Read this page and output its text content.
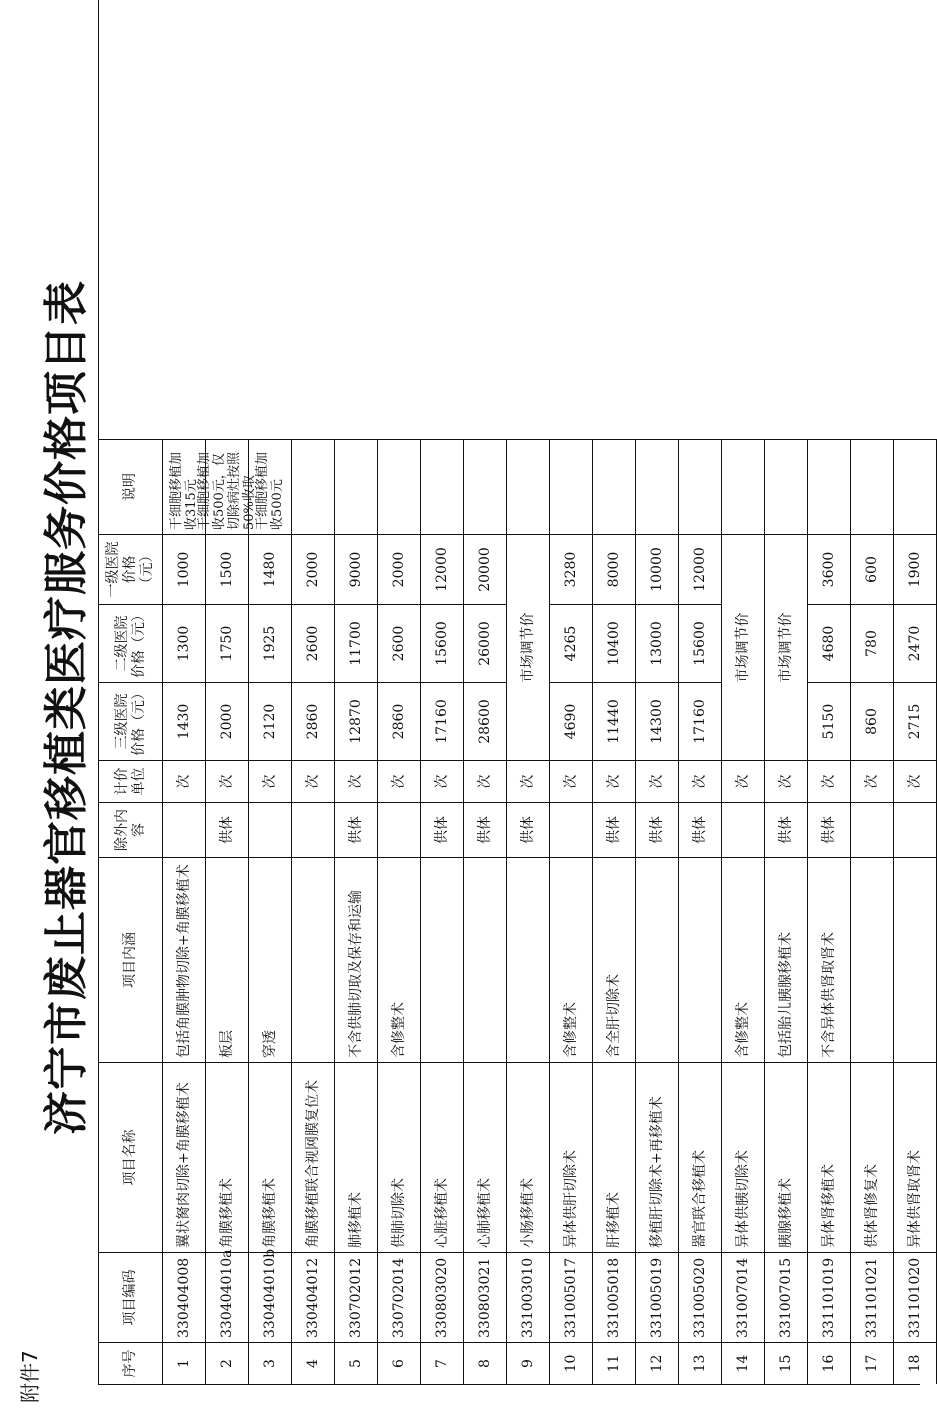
附件7
济宁市废止器官移植类医疗服务价格项目表
序号
项目编码
项目名称
项目内涵
除外内容
计价单位
三级医院价格（元）
二级医院价格（元）
一级医院价格（元）
说明
1
330404008
翼状胬肉切除+角膜移植术
包括角膜肿物切除+角膜移植术
次
1430
1300
1000
干细胞移植加收315元
2
330404010a
角膜移植术
板层
供体
次
2000
1750
1500
干细胞移植加收500元，仅切除病灶按照50%收取
3
330404010b
角膜移植术
穿透
次
2120
1925
1480
干细胞移植加收500元
4
330404012
角膜移植联合视网膜复位术
次
2860
2600
2000
5
330702012
肺移植术
不含供肺切取及保存和运输
供体
次
12870
11700
9000
6
330702014
供肺切除术
含修整术
次
2860
2600
2000
7
330803020
心脏移植术
供体
次
17160
15600
12000
8
330803021
心肺移植术
供体
次
28600
26000
20000
9
331003010
小肠移植术
供体
次
市场调节价
10
331005017
异体供肝切除术
含修整术
次
4690
4265
3280
11
331005018
肝移植术
含全肝切除术
供体
次
11440
10400
8000
12
331005019
移植肝切除术+再移植术
供体
次
14300
13000
10000
13
331005020
器官联合移植术
供体
次
17160
15600
12000
14
331007014
异体供胰切除术
含修整术
次
市场调节价
15
331007015
胰腺移植术
包括胎儿胰腺移植术
供体
次
市场调节价
16
331101019
异体肾移植术
不含异体供肾取肾术
供体
次
5150
4680
3600
17
331101021
供体肾修复术
次
860
780
600
18
331101020
异体供肾取肾术
次
2715
2470
1900
